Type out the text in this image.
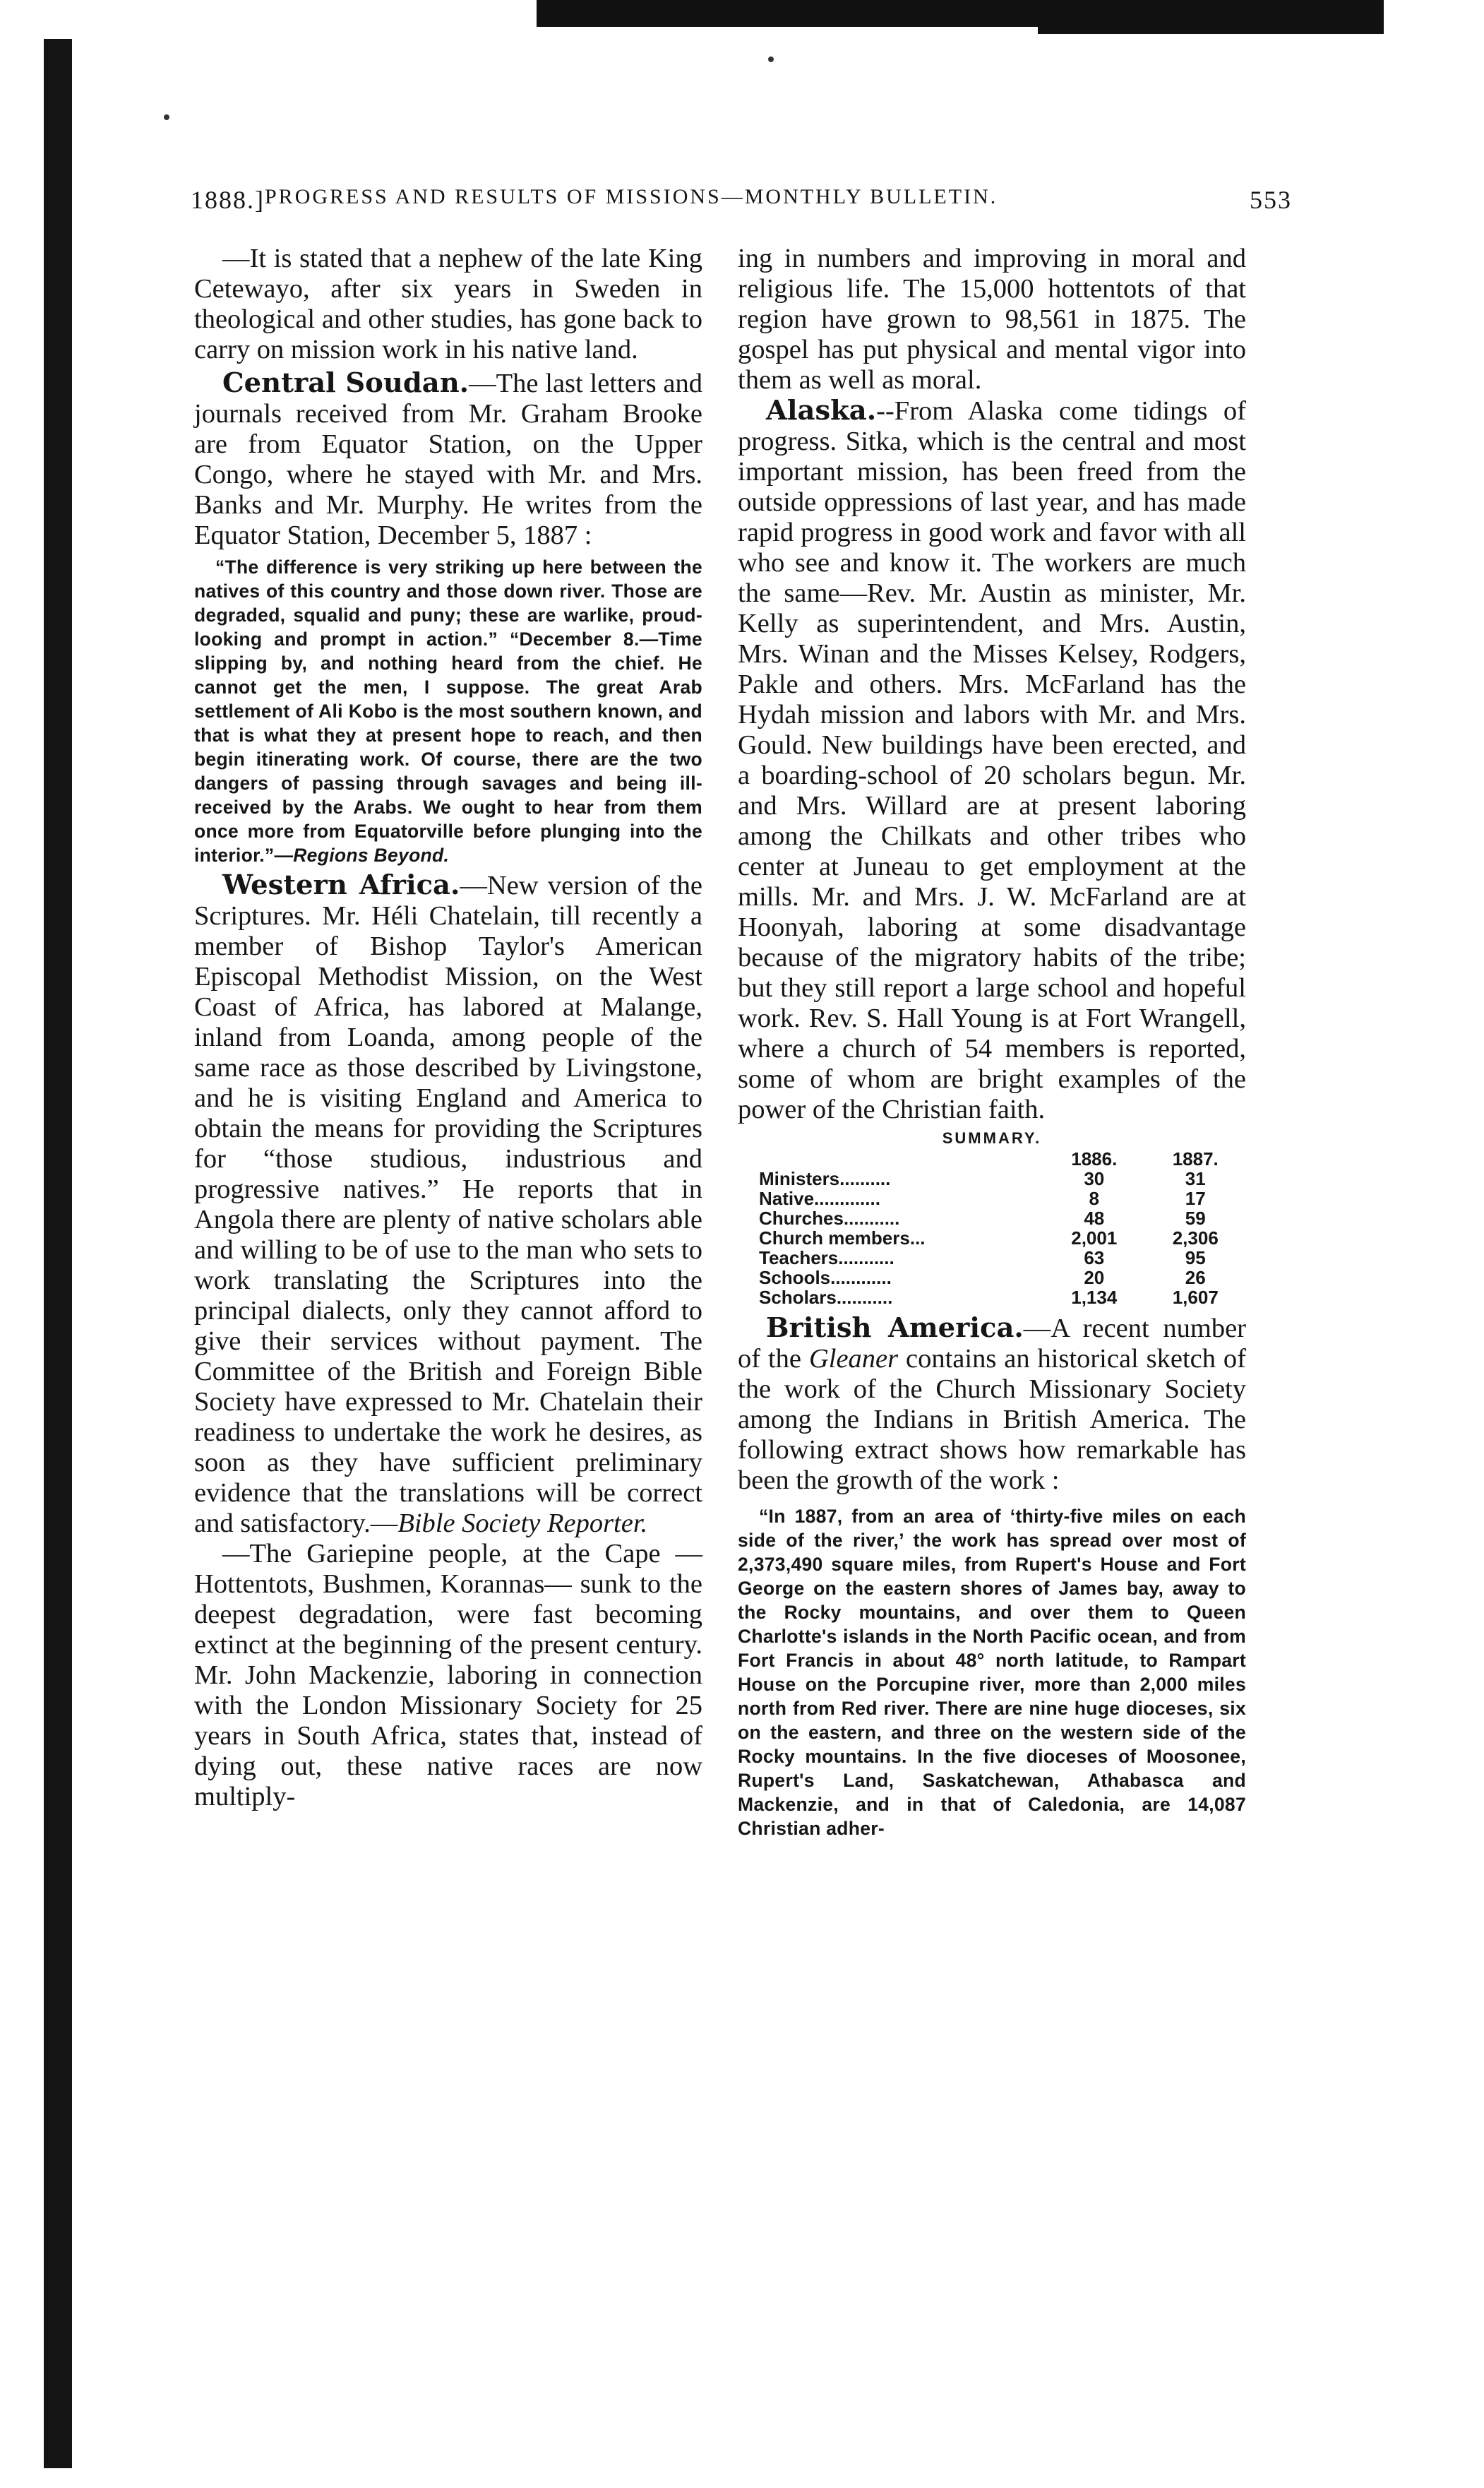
1888.] PROGRESS AND RESULTS OF MISSIONS—MONTHLY BULLETIN.	553

—It is stated that a nephew of the late King Cetewayo, after six years in Sweden in theological and other studies, has gone back to carry on mission work in his native land.

Central Soudan.—The last letters and journals received from Mr. Graham Brooke are from Equator Station, on the Upper Congo, where he stayed with Mr. and Mrs. Banks and Mr. Murphy. He writes from the Equator Station, December 5, 1887 :

“The difference is very striking up here between the natives of this country and those down river. Those are degraded, squalid and puny; these are warlike, proud-looking and prompt in action.” “December 8.—Time slipping by, and nothing heard from the chief. He cannot get the men, I suppose. The great Arab settlement of Ali Kobo is the most southern known, and that is what they at present hope to reach, and then begin itinerating work. Of course, there are the two dangers of passing through savages and being ill-received by the Arabs. We ought to hear from them once more from Equatorville before plunging into the interior.”—Regions Beyond.

Western Africa.—New version of the Scriptures. Mr. Héli Chatelain, till recently a member of Bishop Taylor's American Episcopal Methodist Mission, on the West Coast of Africa, has labored at Malange, inland from Loanda, among people of the same race as those described by Livingstone, and he is visiting England and America to obtain the means for providing the Scriptures for “those studious, industrious and progressive natives.” He reports that in Angola there are plenty of native scholars able and willing to be of use to the man who sets to work translating the Scriptures into the principal dialects, only they cannot afford to give their services without payment. The Committee of the British and Foreign Bible Society have expressed to Mr. Chatelain their readiness to undertake the work he desires, as soon as they have sufficient preliminary evidence that the translations will be correct and satisfactory.—Bible Society Reporter.

—The Gariepine people, at the Cape —Hottentots, Bushmen, Korannas— sunk to the deepest degradation, were fast becoming extinct at the beginning of the present century. Mr. John Mackenzie, laboring in connection with the London Missionary Society for 25 years in South Africa, states that, instead of dying out, these native races are now multiply-

ing in numbers and improving in moral and religious life. The 15,000 hottentots of that region have grown to 98,561 in 1875. The gospel has put physical and mental vigor into them as well as moral.

Alaska.--From Alaska come tidings of progress. Sitka, which is the central and most important mission, has been freed from the outside oppressions of last year, and has made rapid progress in good work and favor with all who see and know it. The workers are much the same—Rev. Mr. Austin as minister, Mr. Kelly as superintendent, and Mrs. Austin, Mrs. Winan and the Misses Kelsey, Rodgers, Pakle and others. Mrs. McFarland has the Hydah mission and labors with Mr. and Mrs. Gould. New buildings have been erected, and a boarding-school of 20 scholars begun. Mr. and Mrs. Willard are at present laboring among the Chilkats and other tribes who center at Juneau to get employment at the mills. Mr. and Mrs. J. W. McFarland are at Hoonyah, laboring at some disadvantage because of the migratory habits of the tribe; but they still report a large school and hopeful work. Rev. S. Hall Young is at Fort Wrangell, where a church of 54 members is reported, some of whom are bright examples of the power of the Christian faith.

SUMMARY.
	1886.	1887.
Ministers..........	30	31
Native.............	8	17
Churches...........	48	59
Church members...	2,001	2,306
Teachers...........	63	95
Schools............	20	26
Scholars...........	1,134	1,607

British America.—A recent number of the Gleaner contains an historical sketch of the work of the Church Missionary Society among the Indians in British America. The following extract shows how remarkable has been the growth of the work :

“In 1887, from an area of ‘thirty-five miles on each side of the river,’ the work has spread over most of 2,373,490 square miles, from Rupert's House and Fort George on the eastern shores of James bay, away to the Rocky mountains, and over them to Queen Charlotte's islands in the North Pacific ocean, and from Fort Francis in about 48° north latitude, to Rampart House on the Porcupine river, more than 2,000 miles north from Red river. There are nine huge dioceses, six on the eastern, and three on the western side of the Rocky mountains. In the five dioceses of Moosonee, Rupert's Land, Saskatchewan, Athabasca and Mackenzie, and in that of Caledonia, are 14,087 Christian adher-
